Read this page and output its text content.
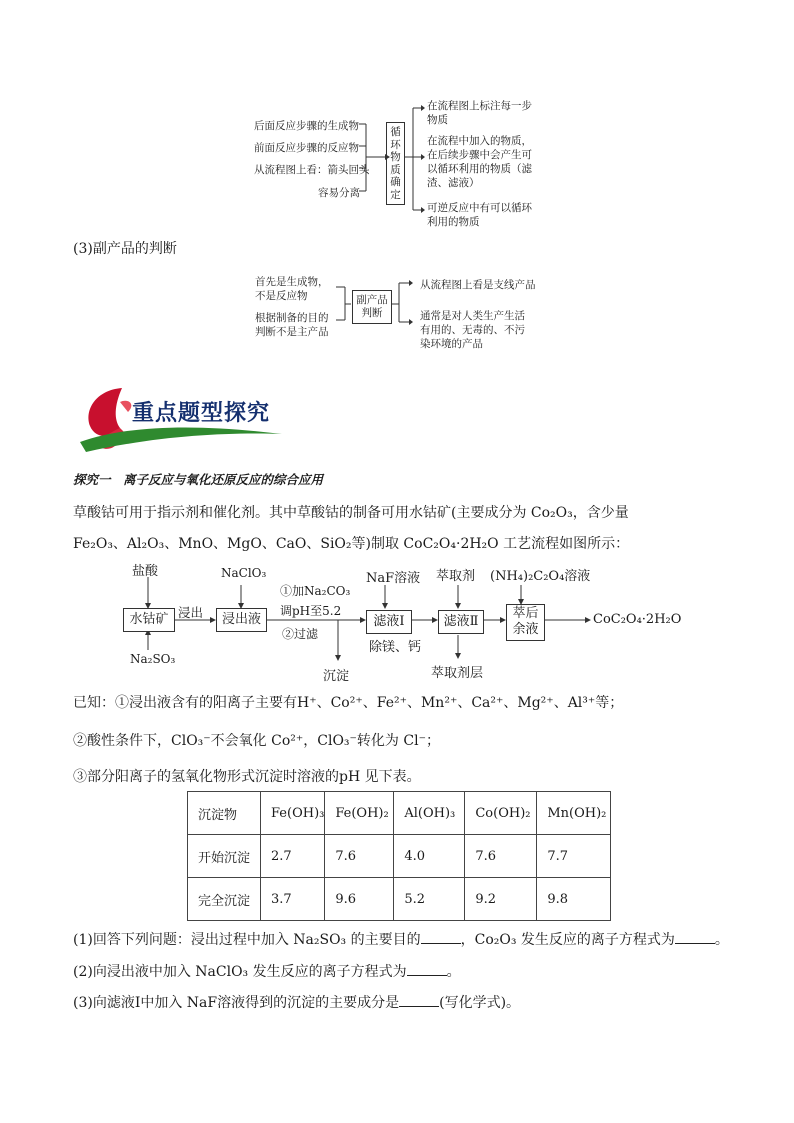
后面反应步骤的生成物
前面反应步骤的反应物
从流程图上看：箭头回头
容易分离
循
环
物
质
确
定
在流程图上标注每一步
物质
在流程中加入的物质，
在后续步骤中会产生可
以循环利用的物质（滤
渣、滤液）
可逆反应中有可以循环
利用的物质
(3)副产品的判断
首先是生成物，
不是反应物
根据制备的目的
判断不是主产品
副产品
判断
从流程图上看是支线产品
通常是对人类生产生活
有用的、无毒的、不污
染环境的产品
重点题型探究
探究一　离子反应与氧化还原反应的综合应用
草酸钴可用于指示剂和催化剂。其中草酸钴的制备可用水钴矿(主要成分为 Co₂O₃，含少量
Fe₂O₃、Al₂O₃、MnO、MgO、CaO、SiO₂等)制取 CoC₂O₄·2H₂O 工艺流程如图所示：
盐酸	NaClO₃
①加Na₂CO₃
调pH至5.2
②过滤
NaF溶液 萃取剂 (NH₄)₂C₂O₄溶液
浸出
水钴矿	浸出液	滤液Ⅰ	滤液Ⅱ
萃后
余液
CoC₂O₄·2H₂O
Na₂SO₃
沉淀
除镁、钙
萃取剂层
已知：①浸出液含有的阳离子主要有H⁺、Co²⁺、Fe²⁺、Mn²⁺、Ca²⁺、Mg²⁺、Al³⁺等；
②酸性条件下，ClO₃⁻不会氧化 Co²⁺，ClO₃⁻转化为 Cl⁻；
③部分阳离子的氢氧化物形式沉淀时溶液的pH 见下表。
沉淀物	Fe(OH)₃	Fe(OH)₂	Al(OH)₃	Co(OH)₂	Mn(OH)₂
开始沉淀	2.7	7.6	4.0	7.6	7.7
完全沉淀	3.7	9.6	5.2	9.2	9.8
(1)回答下列问题：浸出过程中加入 Na₂SO₃ 的主要目的	，Co₂O₃ 发生反应的离子方程式为	。
(2)向浸出液中加入 NaClO₃ 发生反应的离子方程式为	。
(3)向滤液Ⅰ中加入 NaF溶液得到的沉淀的主要成分是	(写化学式)。
